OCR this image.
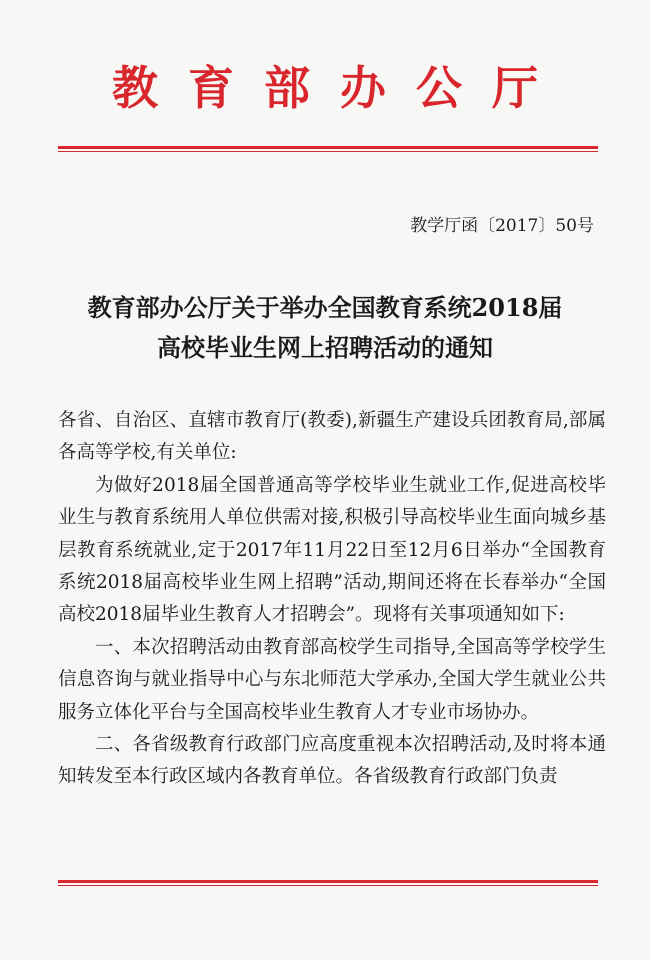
教育部办公厅
教学厅函〔2017〕50号
教育部办公厅关于举办全国教育系统2018届
高校毕业生网上招聘活动的通知

各省、自治区、直辖市教育厅(教委),新疆生产建设兵团教育局,部属各高等学校,有关单位:

为做好2018届全国普通高等学校毕业生就业工作,促进高校毕业生与教育系统用人单位供需对接,积极引导高校毕业生面向城乡基层教育系统就业,定于2017年11月22日至12月6日举办“全国教育系统2018届高校毕业生网上招聘”活动,期间还将在长春举办“全国高校2018届毕业生教育人才招聘会”。现将有关事项通知如下:

一、本次招聘活动由教育部高校学生司指导,全国高等学校学生信息咨询与就业指导中心与东北师范大学承办,全国大学生就业公共服务立体化平台与全国高校毕业生教育人才专业市场协办。

二、各省级教育行政部门应高度重视本次招聘活动,及时将本通知转发至本行政区域内各教育单位。各省级教育行政部门负责
